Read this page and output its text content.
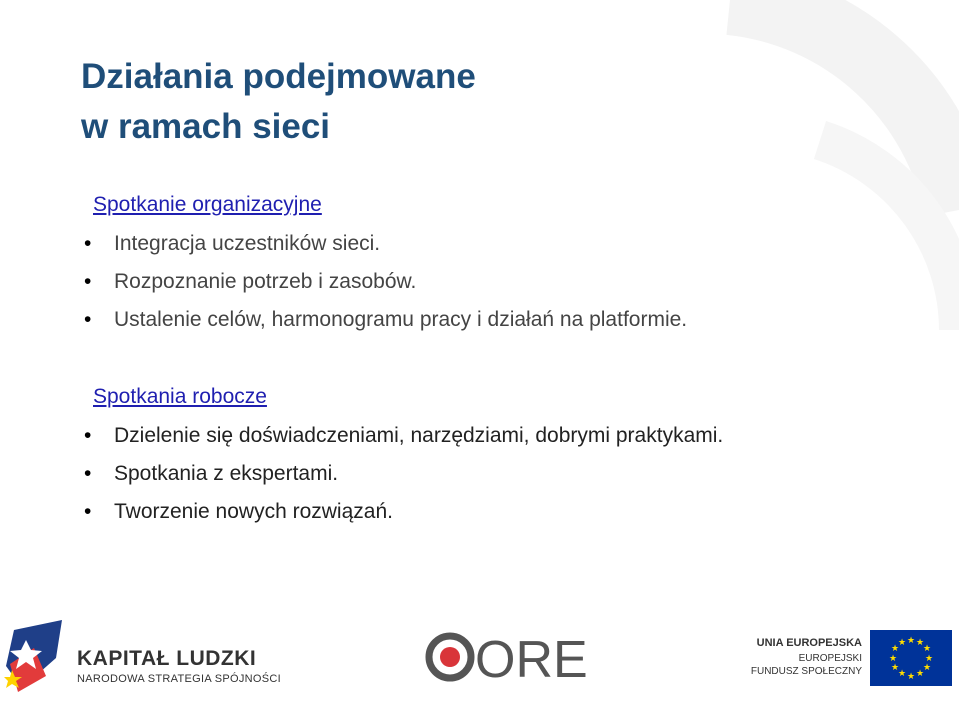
Działania podejmowane
w ramach sieci
Spotkanie organizacyjne
• Integracja uczestników sieci.
• Rozpoznanie potrzeb i zasobów.
• Ustalenie celów, harmonogramu pracy i działań na platformie.
Spotkania robocze
• Dzielenie się doświadczeniami, narzędziami, dobrymi praktykami.
• Spotkania z ekspertami.
• Tworzenie nowych rozwiązań.
KAPITAŁ LUDZKI
NARODOWA STRATEGIA SPÓJNOŚCI	ORE	UNIA EUROPEJSKA
EUROPEJSKI
FUNDUSZ SPOŁECZNY
★ ★
★
★
★
★
★
★
★
★
★
★
